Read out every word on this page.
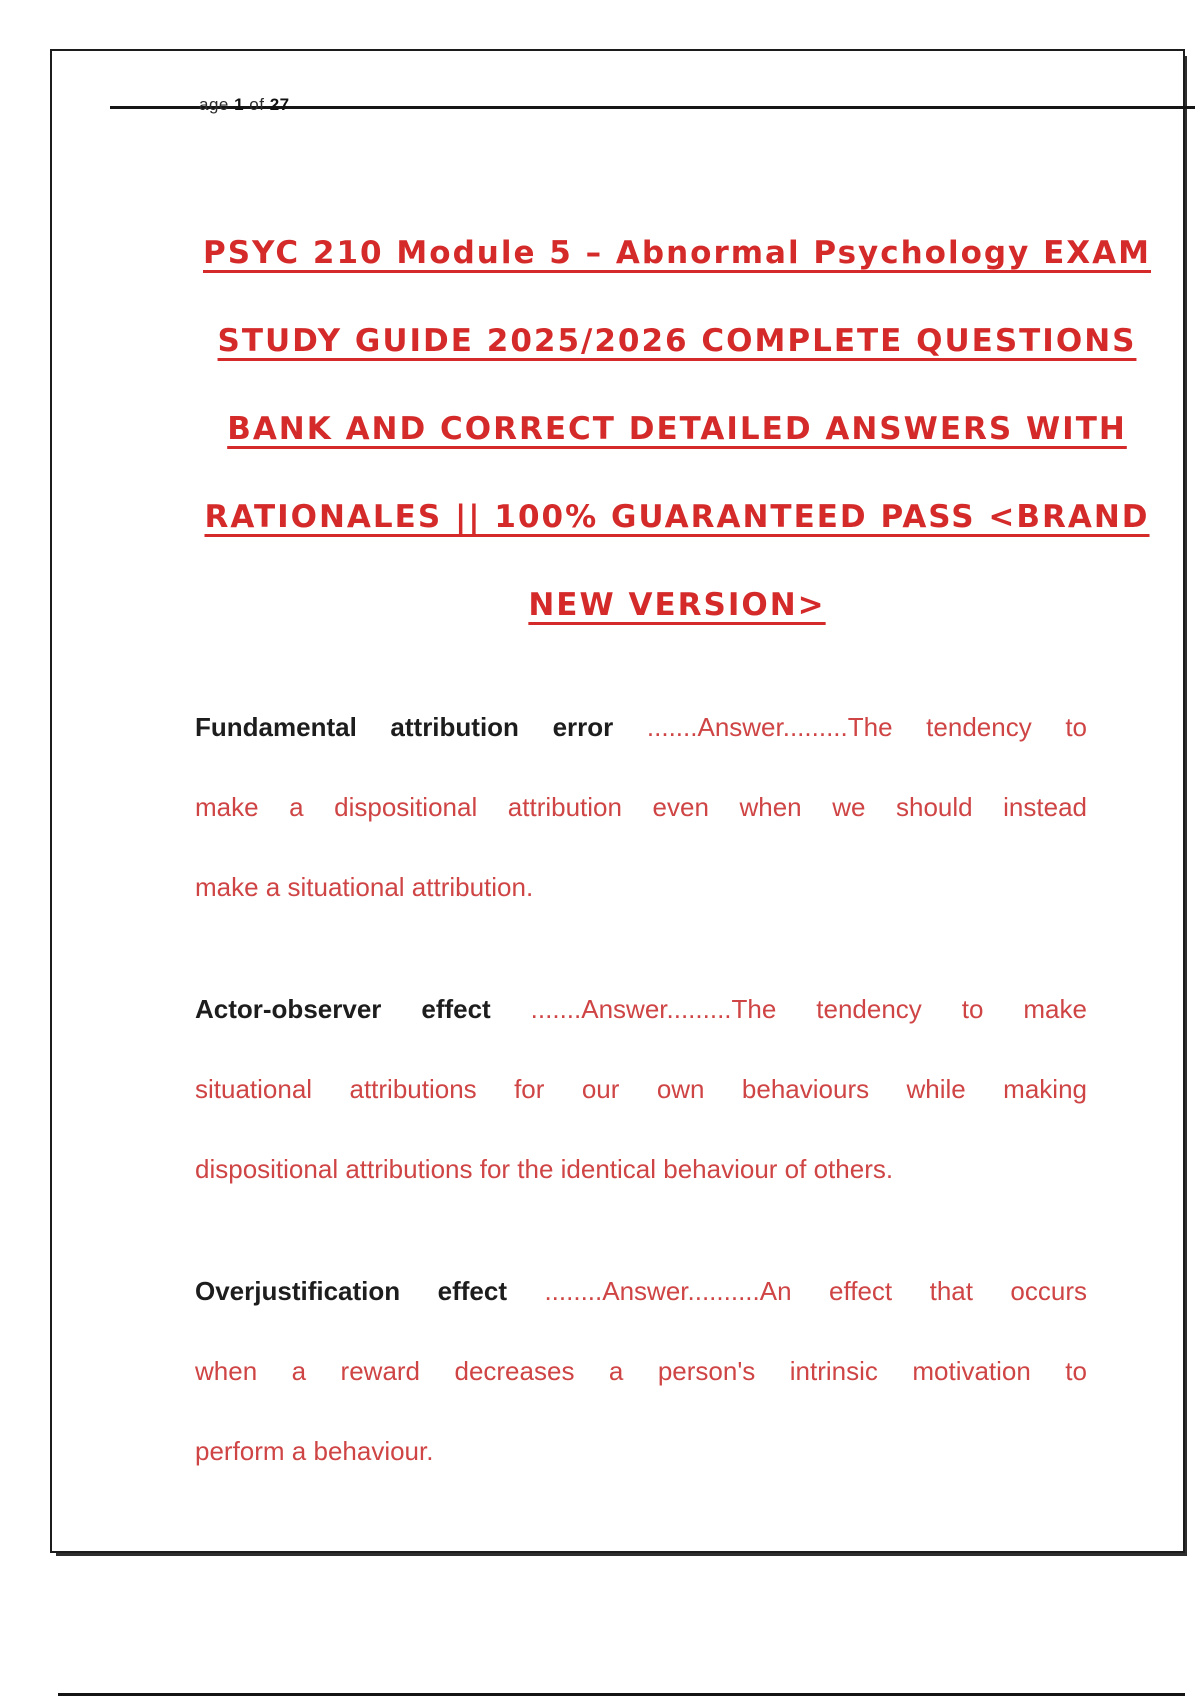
age 1 of 27
PSYC 210 Module 5 – Abnormal Psychology EXAM
STUDY GUIDE 2025/2026 COMPLETE QUESTIONS
BANK AND CORRECT DETAILED ANSWERS WITH
RATIONALES || 100% GUARANTEED PASS <BRAND
NEW VERSION>
Fundamental attribution error .......Answer.........The tendency to
make a dispositional attribution even when we should instead
make a situational attribution.
Actor-observer effect .......Answer.........The tendency to make
situational attributions for our own behaviours while making
dispositional attributions for the identical behaviour of others.
Overjustification effect ........Answer..........An effect that occurs
when a reward decreases a person's intrinsic motivation to
perform a behaviour.
